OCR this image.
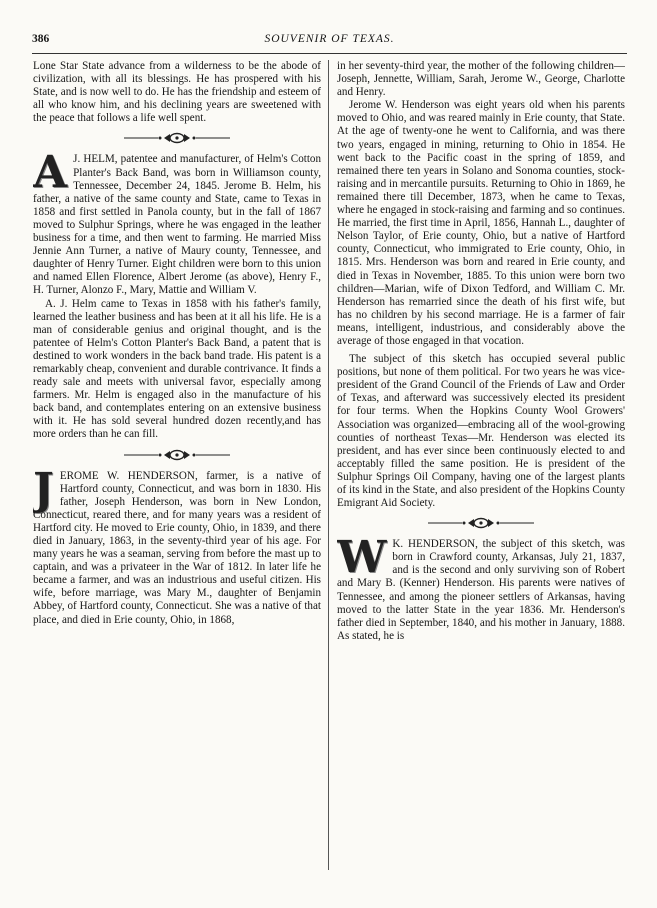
386	SOUVENIR OF TEXAS.

Lone Star State advance from a wilderness to be the abode of civilization, with all its blessings. He has prospered with his State, and is now well to do. He has the friendship and esteem of all who know him, and his declining years are sweetened with the peace that follows a life well spent.

A J. HELM, patentee and manufacturer, of Helm's Cotton Planter's Back Band, was born in Williamson county, Tennessee, December 24, 1845. Jerome B. Helm, his father, a native of the same county and State, came to Texas in 1858 and first settled in Panola county, but in the fall of 1867 moved to Sulphur Springs, where he was engaged in the leather business for a time, and then went to farming. He married Miss Jennie Ann Turner, a native of Maury county, Tennessee, and daughter of Henry Turner. Eight children were born to this union and named Ellen Florence, Albert Jerome (as above), Henry F., H. Turner, Alonzo F., Mary, Mattie and William V.

A. J. Helm came to Texas in 1858 with his father's family, learned the leather business and has been at it all his life. He is a man of considerable genius and original thought, and is the patentee of Helm's Cotton Planter's Back Band, a patent that is destined to work wonders in the back band trade. His patent is a remarkably cheap, convenient and durable contrivance. It finds a ready sale and meets with universal favor, especially among farmers. Mr. Helm is engaged also in the manufacture of his back band, and contemplates entering on an extensive business with it. He has sold several hundred dozen recently,and has more orders than he can fill.

JEROME W. HENDERSON, farmer, is a native of Hartford county, Connecticut, and was born in 1830. His father, Joseph Henderson, was born in New London, Connecticut, reared there, and for many years was a resident of Hartford city. He moved to Erie county, Ohio, in 1839, and there died in January, 1863, in the seventy-third year of his age. For many years he was a seaman, serving from before the mast up to captain, and was a privateer in the War of 1812. In later life he became a farmer, and was an industrious and useful citizen. His wife, before marriage, was Mary M., daughter of Benjamin Abbey, of Hartford county, Connecticut. She was a native of that place, and died in Erie county, Ohio, in 1868,

in her seventy-third year, the mother of the following children—Joseph, Jennette, William, Sarah, Jerome W., George, Charlotte and Henry.

Jerome W. Henderson was eight years old when his parents moved to Ohio, and was reared mainly in Erie county, that State. At the age of twenty-one he went to California, and was there two years, engaged in mining, returning to Ohio in 1854. He went back to the Pacific coast in the spring of 1859, and remained there ten years in Solano and Sonoma counties, stock-raising and in mercantile pursuits. Returning to Ohio in 1869, he remained there till December, 1873, when he came to Texas, where he engaged in stock-raising and farming and so continues. He married, the first time in April, 1856, Hannah L., daughter of Nelson Taylor, of Erie county, Ohio, but a native of Hartford county, Connecticut, who immigrated to Erie county, Ohio, in 1815. Mrs. Henderson was born and reared in Erie county, and died in Texas in November, 1885. To this union were born two children—Marian, wife of Dixon Tedford, and William C. Mr. Henderson has remarried since the death of his first wife, but has no children by his second marriage. He is a farmer of fair means, intelligent, industrious, and considerably above the average of those engaged in that vocation.

The subject of this sketch has occupied several public positions, but none of them political. For two years he was vice-president of the Grand Council of the Friends of Law and Order of Texas, and afterward was successively elected its president for four terms. When the Hopkins County Wool Growers' Association was organized—embracing all of the wool-growing counties of northeast Texas—Mr. Henderson was elected its president, and has ever since been continuously elected to and acceptably filled the same position. He is president of the Sulphur Springs Oil Company, having one of the largest plants of its kind in the State, and also president of the Hopkins County Emigrant Aid Society.

W K. HENDERSON, the subject of this sketch, was born in Crawford county, Arkansas, July 21, 1837, and is the second and only surviving son of Robert and Mary B. (Kenner) Henderson. His parents were natives of Tennessee, and among the pioneer settlers of Arkansas, having moved to the latter State in the year 1836. Mr. Henderson's father died in September, 1840, and his mother in January, 1888. As stated, he is
